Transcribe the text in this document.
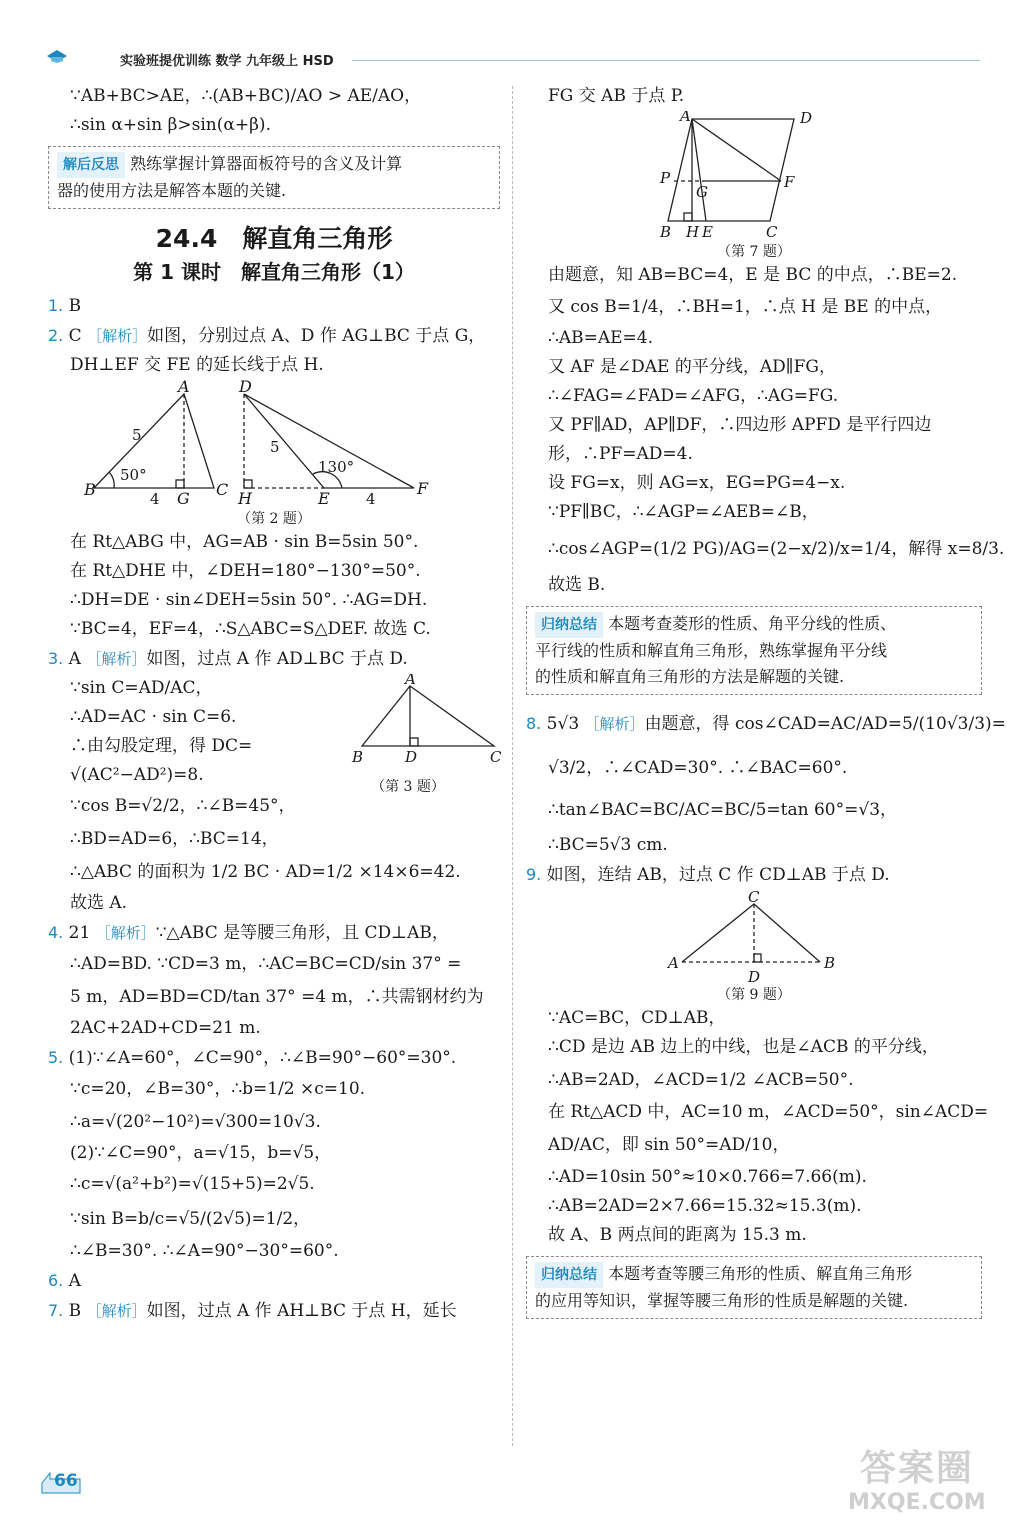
实验班提优训练 数学 九年级上 HSD

∵AB+BC>AE，∴(AB+BC)/AO > AE/AO，

∴sin α+sin β>sin(α+β).

解后反思 熟练掌握计算器面板符号的含义及计算

器的使用方法是解答本题的关键.

24.4　解直角三角形
第 1 课时　解直角三角形（1）

1. B

2. C ［解析］如图，分别过点 A、D 作 AG⊥BC 于点 G，

DH⊥EF 交 FE 的延长线于点 H.

A
B	C
G
D
H	E
F
5
50°
4
5
130°
4
（第 2 题）

在 Rt△ABG 中，AG=AB · sin B=5sin 50°.

在 Rt△DHE 中，∠DEH=180°−130°=50°.

∴DH=DE · sin∠DEH=5sin 50°. ∴AG=DH.

∵BC=4，EF=4，∴S△ABC=S△DEF. 故选 C.

3. A ［解析］如图，过点 A 作 AD⊥BC 于点 D.

∵sin C=AD/AC，

∴AD=AC · sin C=6.

∴由勾股定理，得 DC=

√(AC²−AD²)=8.

A
B	C
D
（第 3 题）

∵cos B=√2/2，∴∠B=45°，

∴BD=AD=6，∴BC=14，

∴△ABC 的面积为 1/2 BC · AD=1/2 ×14×6=42.

故选 A.

4. 21 ［解析］∵△ABC 是等腰三角形，且 CD⊥AB，

∴AD=BD. ∵CD=3 m，∴AC=BC=CD/sin 37° =

5 m，AD=BD=CD/tan 37° =4 m，∴共需钢材约为

2AC+2AD+CD=21 m.

5. (1)∵∠A=60°，∠C=90°，∴∠B=90°−60°=30°.

∵c=20，∠B=30°，∴b=1/2 ×c=10.

∴a=√(20²−10²)=√300=10√3.

(2)∵∠C=90°，a=√15，b=√5，

∴c=√(a²+b²)=√(15+5)=2√5.

∵sin B=b/c=√5/(2√5)=1/2，

∴∠B=30°. ∴∠A=90°−30°=60°.

6. A

7. B ［解析］如图，过点 A 作 AH⊥BC 于点 H，延长

FG 交 AB 于点 P.

A	D
P
G
F
B H E	C
（第 7 题）

由题意，知 AB=BC=4，E 是 BC 的中点，∴BE=2.

又 cos B=1/4，∴BH=1，∴点 H 是 BE 的中点，

∴AB=AE=4.

又 AF 是∠DAE 的平分线，AD∥FG，

∴∠FAG=∠FAD=∠AFG，∴AG=FG.

又 PF∥AD，AP∥DF，∴四边形 APFD 是平行四边

形，∴PF=AD=4.

设 FG=x，则 AG=x，EG=PG=4−x.

∵PF∥BC，∴∠AGP=∠AEB=∠B，

∴cos∠AGP=(1/2 PG)/AG=(2−x/2)/x=1/4，解得 x=8/3.

故选 B.

归纳总结 本题考查菱形的性质、角平分线的性质、

平行线的性质和解直角三角形，熟练掌握角平分线

的性质和解直角三角形的方法是解题的关键.

8. 5√3 ［解析］由题意，得 cos∠CAD=AC/AD=5/(10√3/3)=

√3/2，∴∠CAD=30°. ∴∠BAC=60°.

∴tan∠BAC=BC/AC=BC/5=tan 60°=√3，

∴BC=5√3 cm.

9. 如图，连结 AB，过点 C 作 CD⊥AB 于点 D.

C
A	B
D
（第 9 题）

∵AC=BC，CD⊥AB，

∴CD 是边 AB 边上的中线，也是∠ACB 的平分线，

∴AB=2AD，∠ACD=1/2 ∠ACB=50°.

在 Rt△ACD 中，AC=10 m，∠ACD=50°，sin∠ACD=

AD/AC，即 sin 50°=AD/10，

∴AD=10sin 50°≈10×0.766=7.66(m).

∴AB=2AD=2×7.66=15.32≈15.3(m).

故 A、B 两点间的距离为 15.3 m.

归纳总结 本题考查等腰三角形的性质、解直角三角形

的应用等知识，掌握等腰三角形的性质是解题的关键.

66	答案圈
MXQE.COM
